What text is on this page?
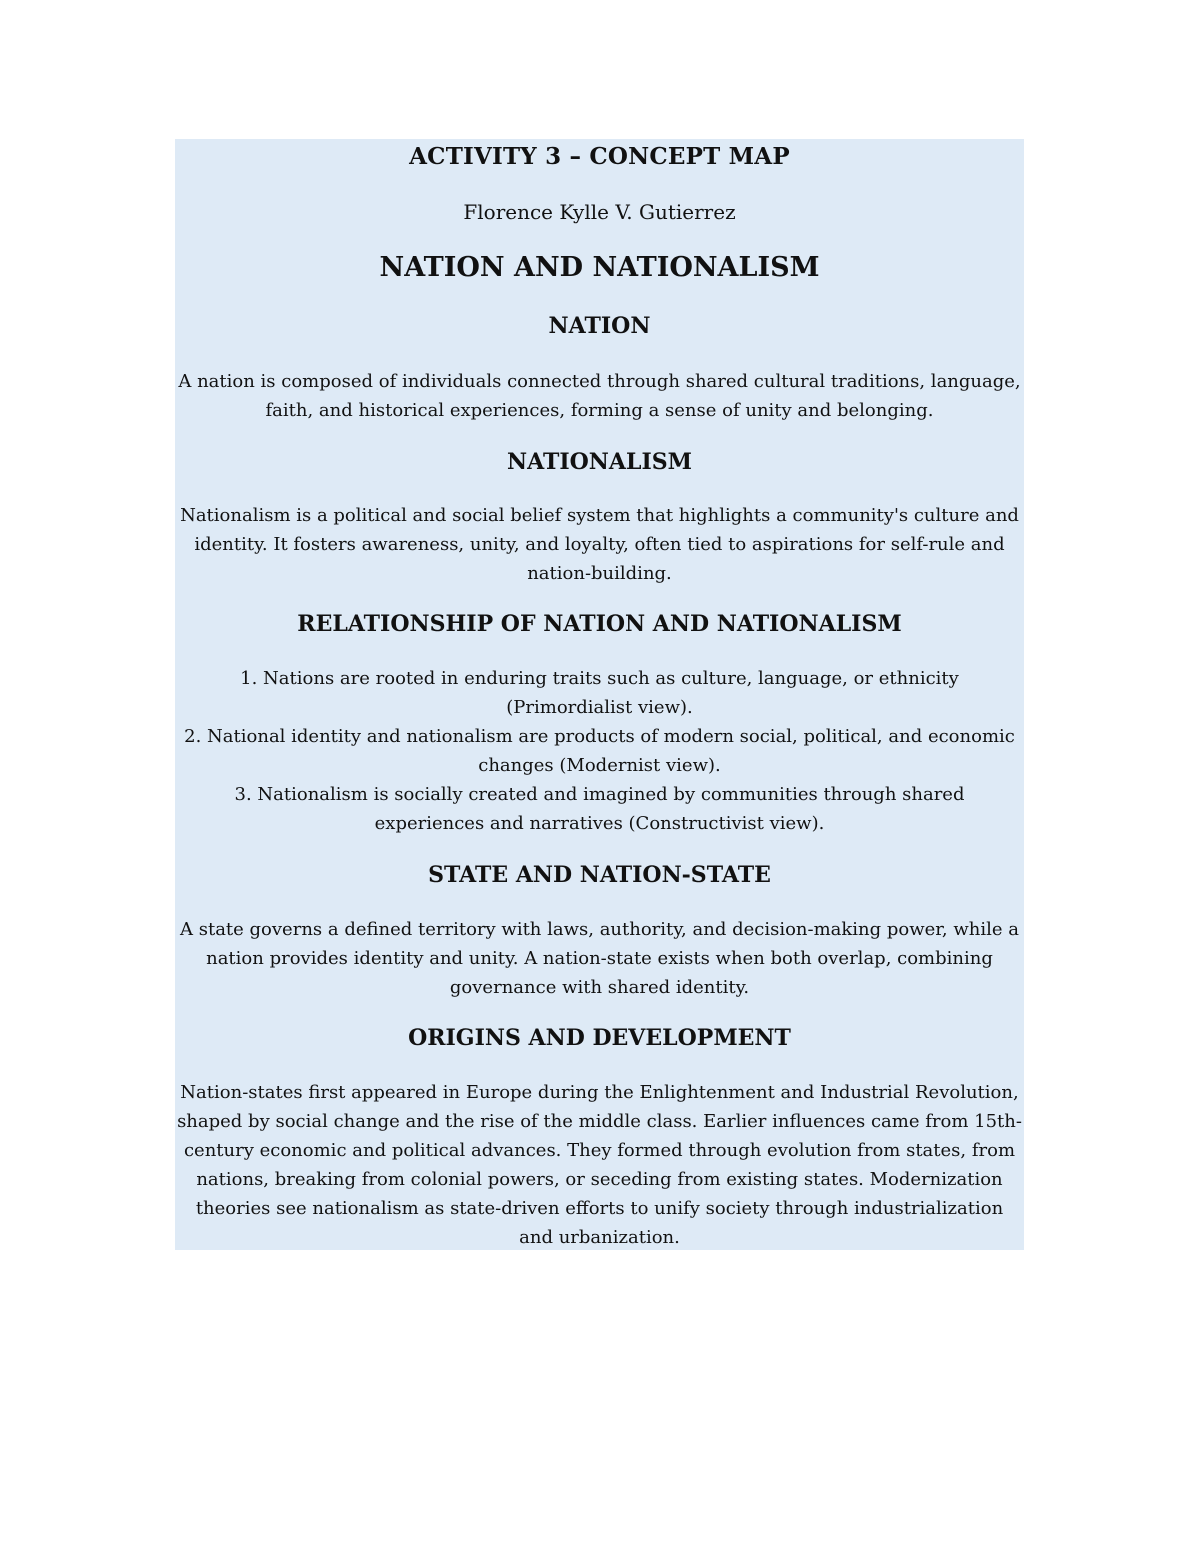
ACTIVITY 3 – CONCEPT MAP

Florence Kylle V. Gutierrez

NATION AND NATIONALISM
NATION

A nation is composed of individuals connected through shared cultural traditions, language, faith, and historical experiences, forming a sense of unity and belonging.

NATIONALISM

Nationalism is a political and social belief system that highlights a community's culture and identity. It fosters awareness, unity, and loyalty, often tied to aspirations for self-rule and nation-building.

RELATIONSHIP OF NATION AND NATIONALISM

1. Nations are rooted in enduring traits such as culture, language, or ethnicity (Primordialist view).

2. National identity and nationalism are products of modern social, political, and economic changes (Modernist view).

3. Nationalism is socially created and imagined by communities through shared experiences and narratives (Constructivist view).

STATE AND NATION-STATE

A state governs a defined territory with laws, authority, and decision-making power, while a nation provides identity and unity. A nation-state exists when both overlap, combining governance with shared identity.

ORIGINS AND DEVELOPMENT

Nation-states first appeared in Europe during the Enlightenment and Industrial Revolution, shaped by social change and the rise of the middle class. Earlier influences came from 15th-century economic and political advances. They formed through evolution from states, from nations, breaking from colonial powers, or seceding from existing states. Modernization theories see nationalism as state-driven efforts to unify society through industrialization and urbanization.
